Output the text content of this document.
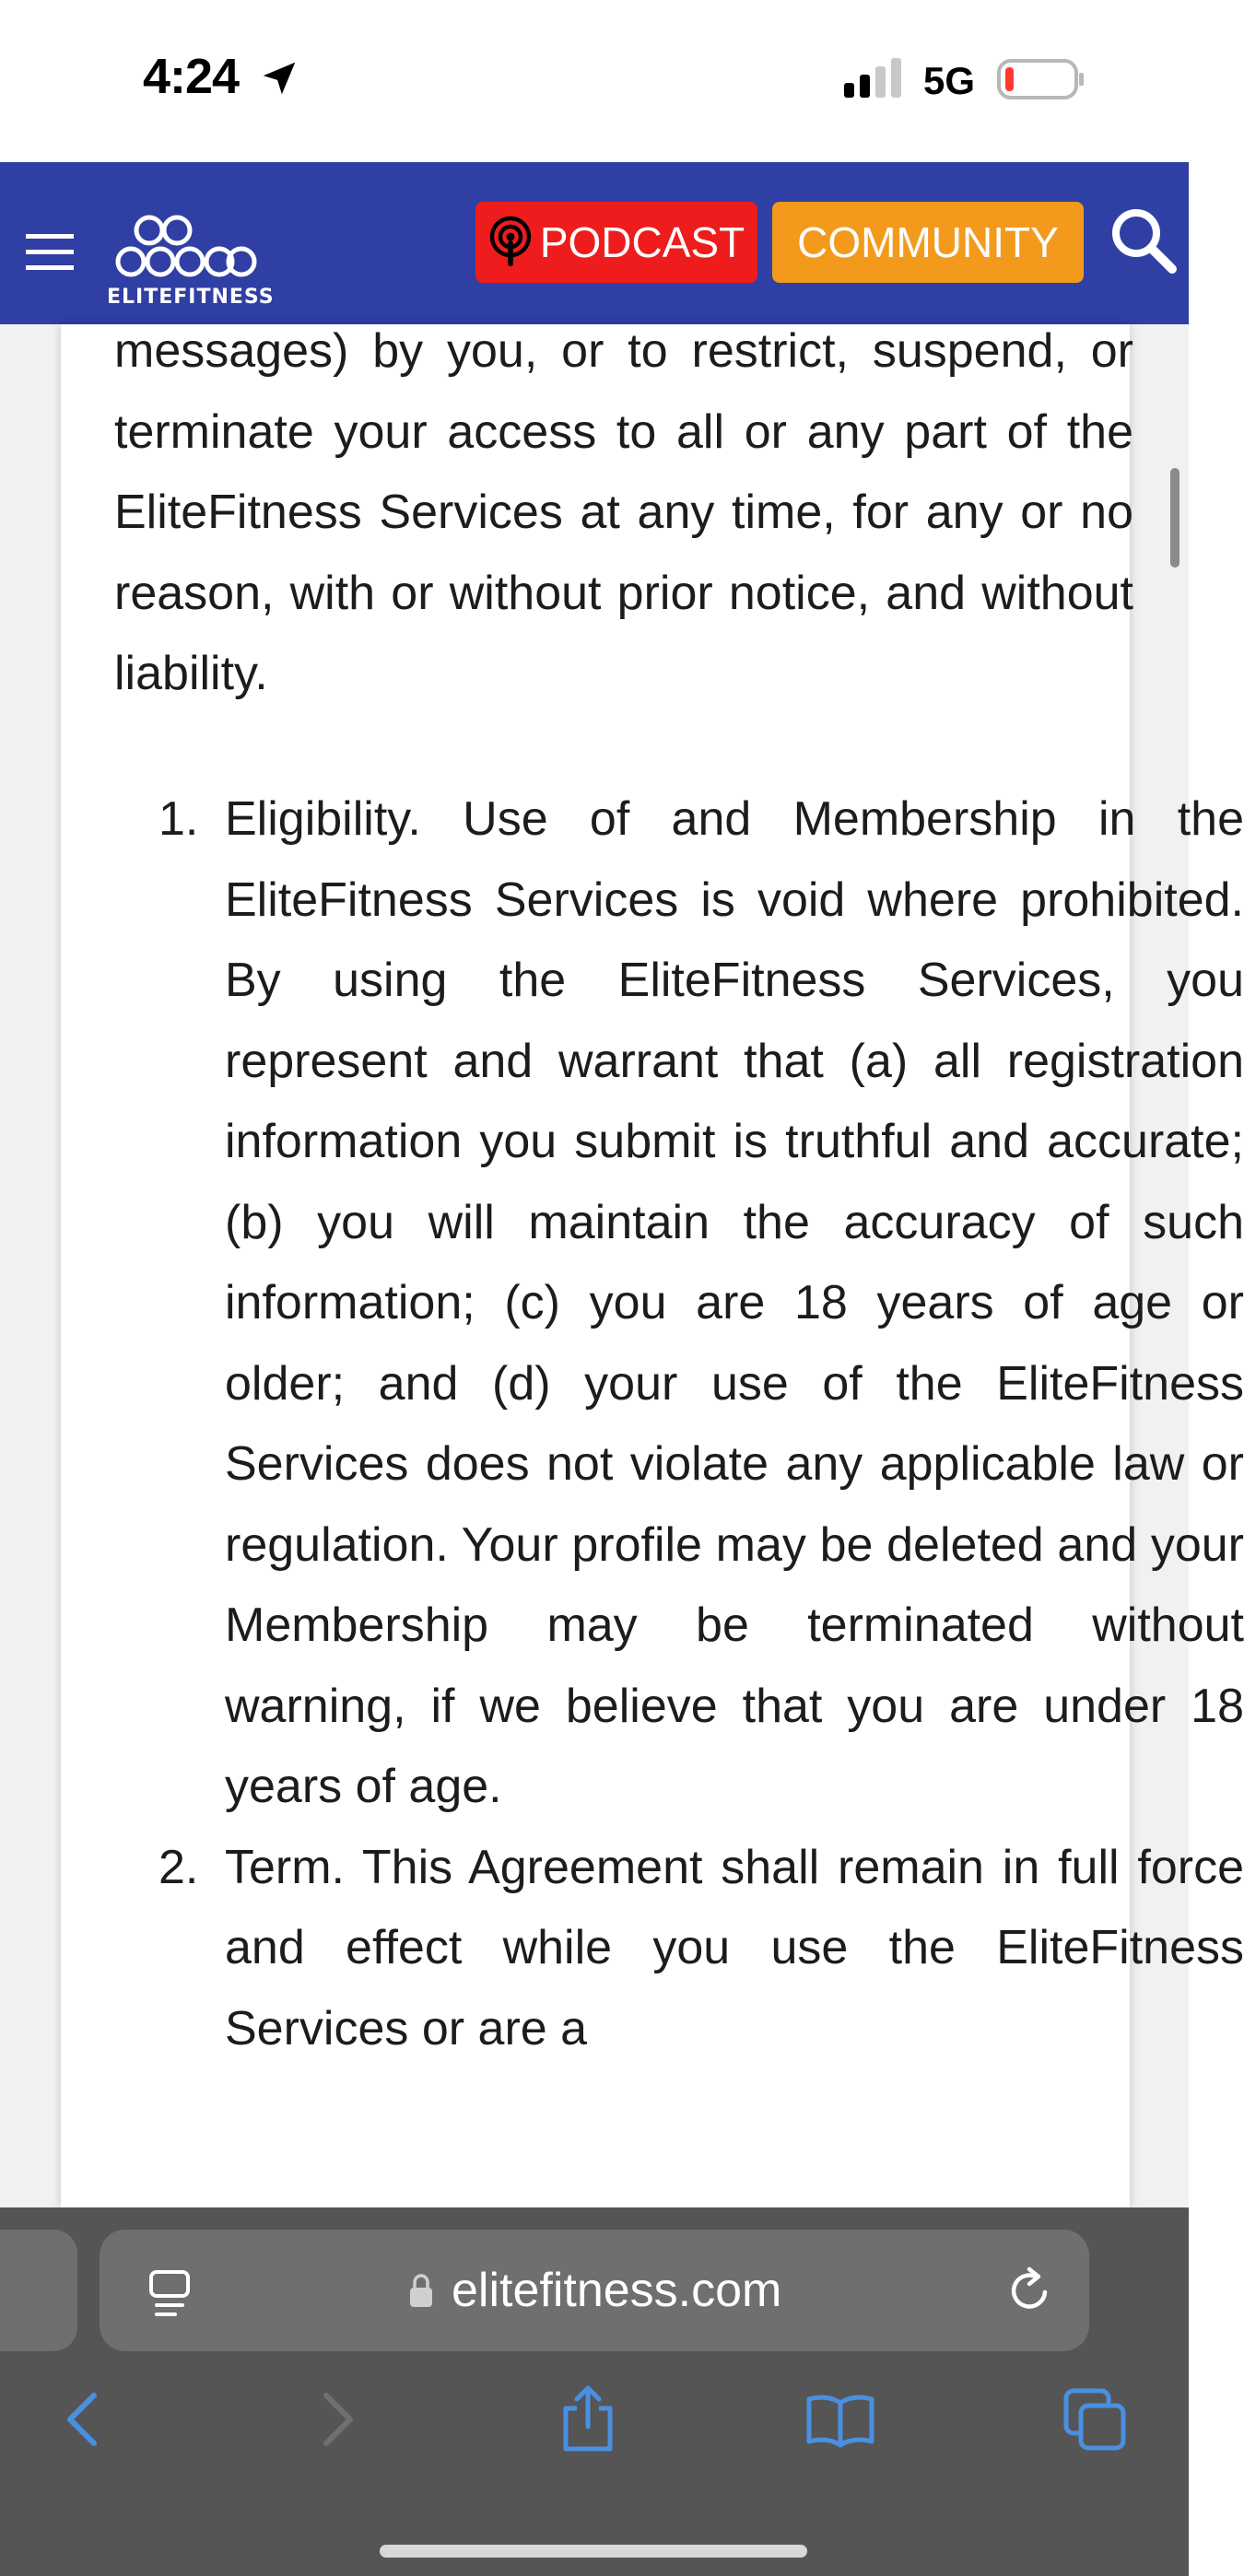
4:24	5G
ELITEFITNESS
PODCAST COMMUNITY

messages) by you, or to restrict, suspend, or terminate your access to all or any part of the EliteFitness Services at any time, for any or no reason, with or without prior notice, and without liability.

1. Eligibility. Use of and Membership in the EliteFitness Services is void where prohibited. By using the EliteFitness Services, you represent and warrant that (a) all registration information you submit is truthful and accurate; (b) you will maintain the accuracy of such information; (c) you are 18 years of age or older; and (d) your use of the EliteFitness Services does not violate any applicable law or regulation. Your profile may be deleted and your Membership may be terminated without warning, if we believe that you are under 18 years of age.
2. Term. This Agreement shall remain in full force and effect while you use the EliteFitness Services or are a
elitefitness.com
